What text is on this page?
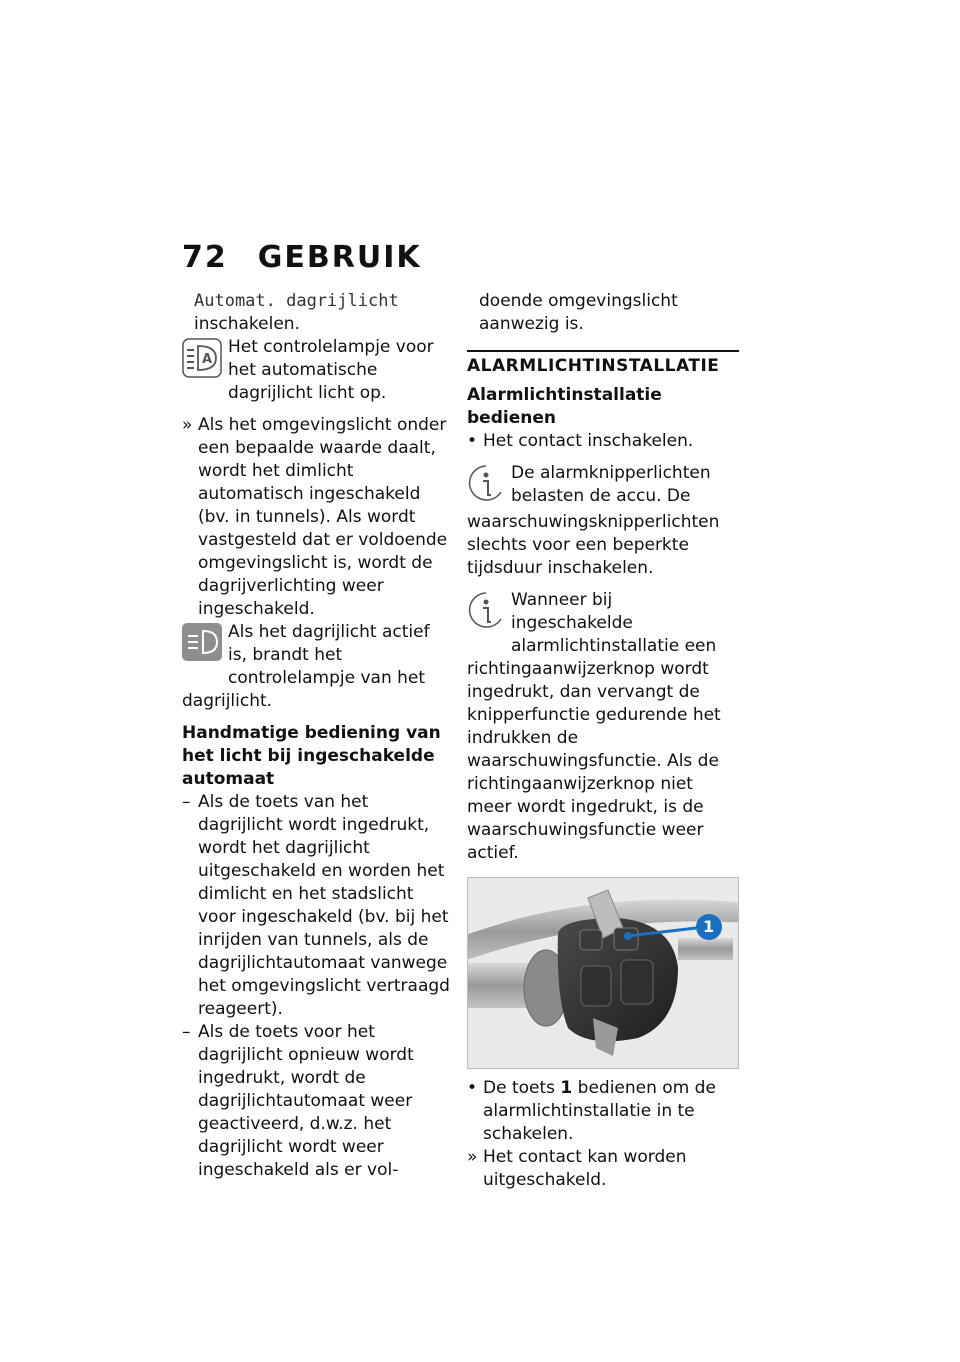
72 GEBRUIK

Automat. dagrijlicht

inschakelen.

A

Het controlelampje voor het automatische dagrijlicht licht op.

» Als het omgevingslicht onder een bepaalde waarde daalt, wordt het dimlicht automatisch ingeschakeld (bv. in tunnels). Als wordt vastgesteld dat er voldoende omgevingslicht is, wordt de dagrijverlichting weer ingeschakeld.

Als het dagrijlicht actief is, brandt het controlelampje van het dagrijlicht.

Handmatige bediening van het licht bij ingeschakelde automaat

– Als de toets van het dagrijlicht wordt ingedrukt, wordt het dagrijlicht uitgeschakeld en worden het dimlicht en het stadslicht voor ingeschakeld (bv. bij het inrijden van tunnels, als de dagrijlichtautomaat vanwege het omgevingslicht vertraagd reageert).

– Als de toets voor het dagrijlicht opnieuw wordt ingedrukt, wordt de dagrijlichtautomaat weer geactiveerd, d.w.z. het dagrijlicht wordt weer ingeschakeld als er vol-

doende omgevingslicht aanwezig is.

ALARMLICHTINSTALLATIE

Alarmlichtinstallatie bedienen

• Het contact inschakelen.

De alarmknipperlichten belasten de accu. De waarschuwingsknipperlichten slechts voor een beperkte tijdsduur inschakelen.

Wanneer bij ingeschakelde alarmlichtinstallatie een richtingaanwijzerknop wordt ingedrukt, dan vervangt de knipperfunctie gedurende het indrukken de waarschuwingsfunctie. Als de richtingaanwijzerknop niet meer wordt ingedrukt, is de waarschuwingsfunctie weer actief.

1
• De toets 1 bedienen om de alarmlichtinstallatie in te schakelen.

» Het contact kan worden uitgeschakeld.
